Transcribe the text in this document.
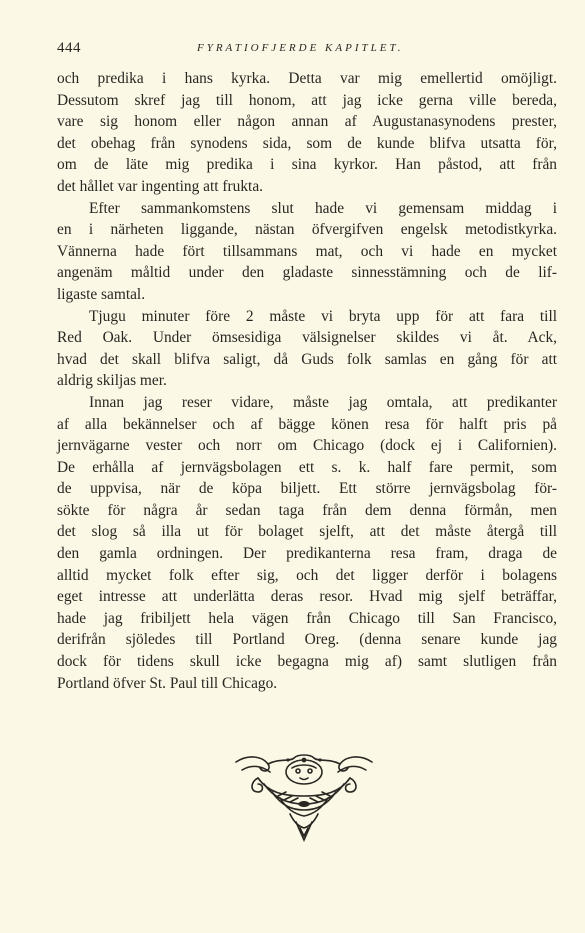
444	FYRATIOFJERDE KAPITLET.
och predika i hans kyrka. Detta var mig emellertid omöjligt.
Dessutom skref jag till honom, att jag icke gerna ville bereda,
vare sig honom eller någon annan af Augustanasynodens prester,
det obehag från synodens sida, som de kunde blifva utsatta för,
om de läte mig predika i sina kyrkor. Han påstod, att från
det hållet var ingenting att frukta.
Efter sammankomstens slut hade vi gemensam middag i
en i närheten liggande, nästan öfvergifven engelsk metodistkyrka.
Vännerna hade fört tillsammans mat, och vi hade en mycket
angenäm måltid under den gladaste sinnesstämning och de lif-
ligaste samtal.
Tjugu minuter före 2 måste vi bryta upp för att fara till
Red Oak. Under ömsesidiga välsignelser skildes vi åt. Ack,
hvad det skall blifva saligt, då Guds folk samlas en gång för att
aldrig skiljas mer.
Innan jag reser vidare, måste jag omtala, att predikanter
af alla bekännelser och af bägge könen resa för halft pris på
jernvägarne vester och norr om Chicago (dock ej i Californien).
De erhålla af jernvägsbolagen ett s. k. half fare permit, som
de uppvisa, när de köpa biljett. Ett större jernvägsbolag för-
sökte för några år sedan taga från dem denna förmån, men
det slog så illa ut för bolaget sjelft, att det måste återgå till
den gamla ordningen. Der predikanterna resa fram, draga de
alltid mycket folk efter sig, och det ligger derför i bolagens
eget intresse att underlätta deras resor. Hvad mig sjelf beträffar,
hade jag fribiljett hela vägen från Chicago till San Francisco,
derifrån sjöledes till Portland Oreg. (denna senare kunde jag
dock för tidens skull icke begagna mig af) samt slutligen från
Portland öfver St. Paul till Chicago.
